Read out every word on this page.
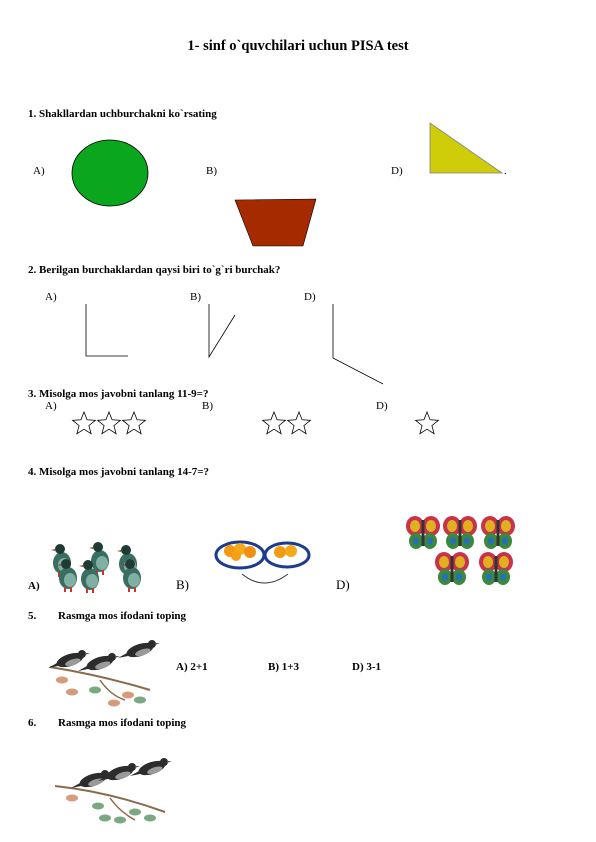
1- sinf o`quvchilari uchun PISA test
1. Shakllardan uchburchakni ko`rsating
A)	B)	D)	.
2. Berilgan burchaklardan qaysi biri to`g`ri burchak?
A)	B)	D)
3. Misolga mos javobni tanlang 11-9=?
A)	B)	D)
4. Misolga mos javobni tanlang 14-7=?
A)	B)	D)
5. Rasmga mos ifodani toping
A) 2+1	B) 1+3	D) 3-1
6. Rasmga mos ifodani toping
